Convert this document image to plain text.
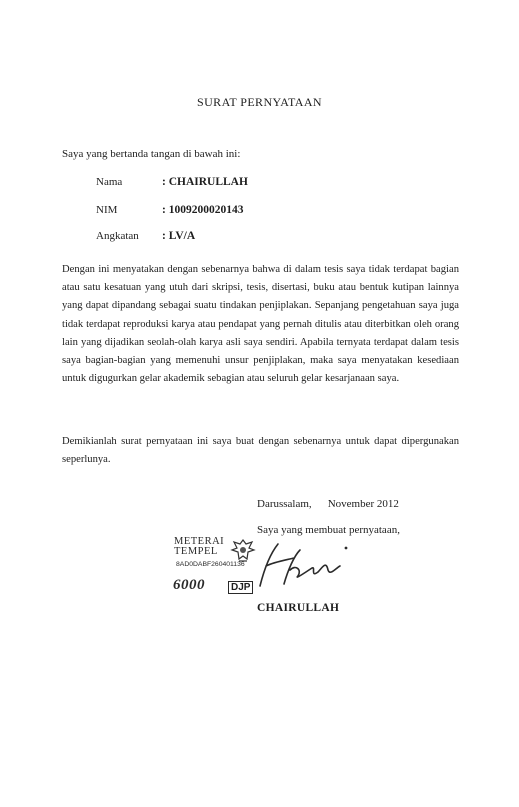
SURAT PERNYATAAN
Saya yang bertanda tangan di bawah ini:
Nama	: CHAIRULLAH
NIM	: 1009200020143
Angkatan : LV/A
Dengan ini menyatakan dengan sebenarnya bahwa di dalam tesis saya tidak terdapat bagian atau satu kesatuan yang utuh dari skripsi, tesis, disertasi, buku atau bentuk kutipan lainnya yang dapat dipandang sebagai suatu tindakan penjiplakan. Sepanjang pengetahuan saya juga tidak terdapat reproduksi karya atau pendapat yang pernah ditulis atau diterbitkan oleh orang lain yang dijadikan seolah-olah karya asli saya sendiri. Apabila ternyata terdapat dalam tesis saya bagian-bagian yang memenuhi unsur penjiplakan, maka saya menyatakan kesediaan untuk digugurkan gelar akademik sebagian atau seluruh gelar kesarjanaan saya.
Demikianlah surat pernyataan ini saya buat dengan sebenarnya untuk dapat dipergunakan seperlunya.
Darussalam, November 2012
Saya yang membuat pernyataan,
METERAI
TEMPEL
8AD0DABF260401136
6000	DJP
CHAIRULLAH
